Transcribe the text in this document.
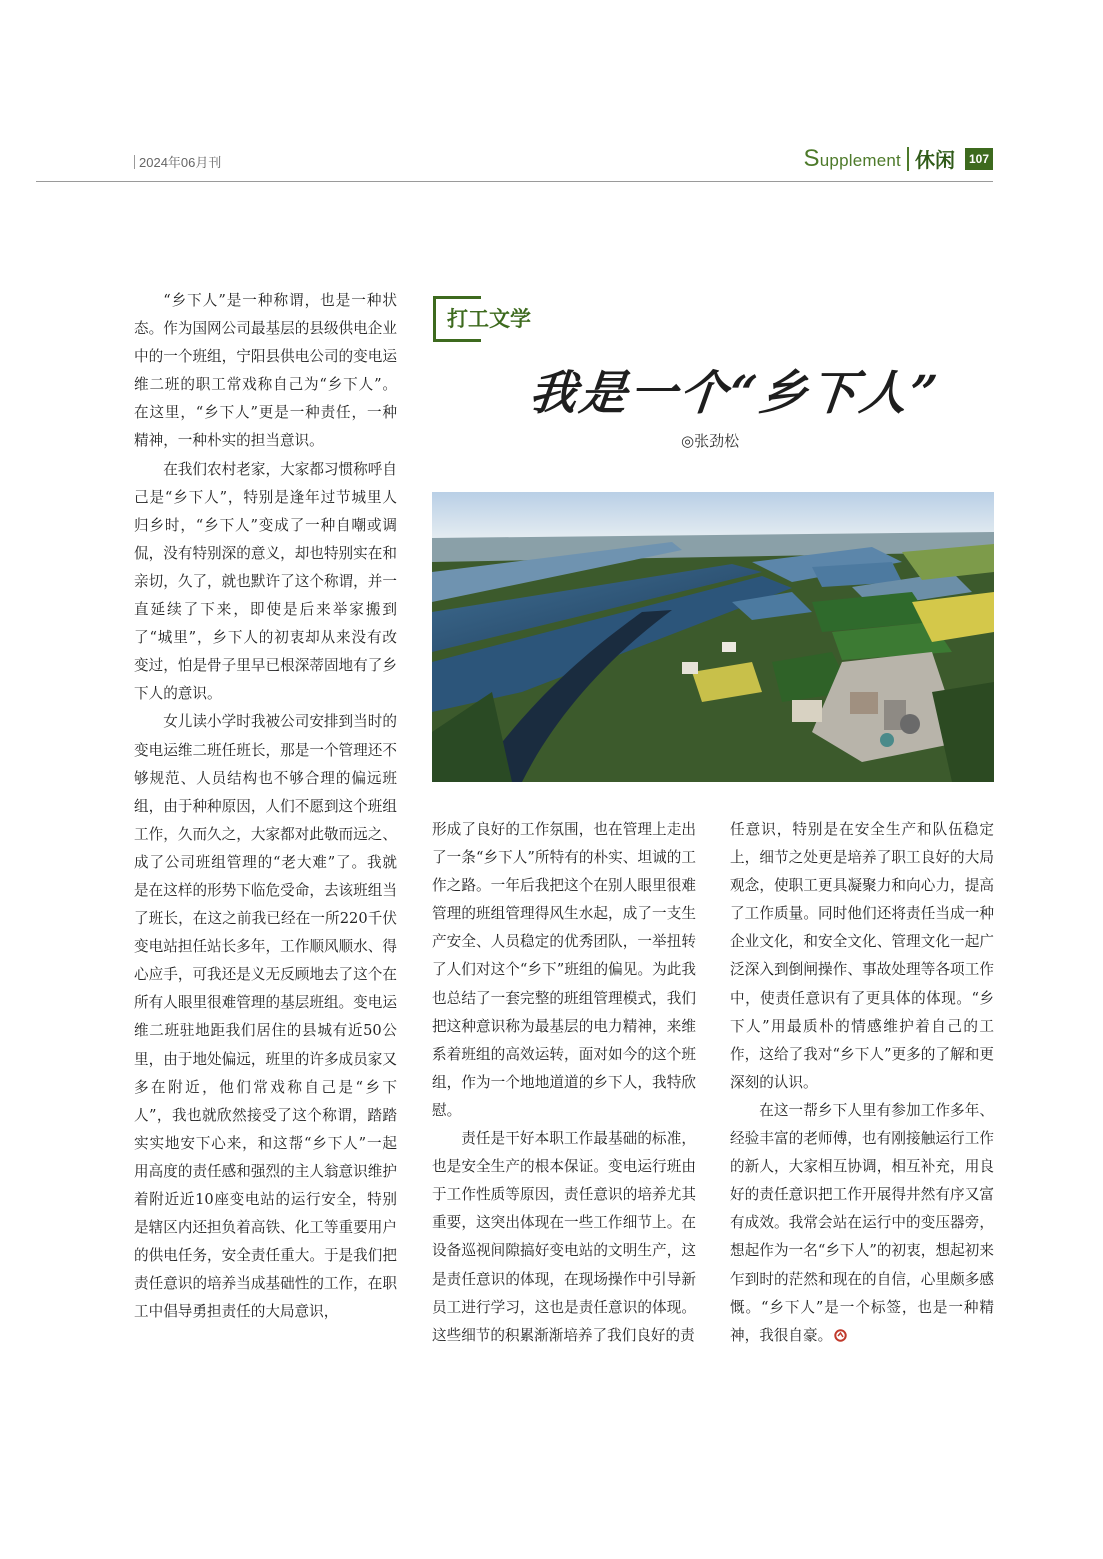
2024年06月刊	Supplement 休闲	107
打工文学
我是一个“乡下人”
◎张劲松

“乡下人”是一种称谓，也是一种状态。作为国网公司最基层的县级供电企业中的一个班组，宁阳县供电公司的变电运维二班的职工常戏称自己为“乡下人”。在这里，“乡下人”更是一种责任，一种精神，一种朴实的担当意识。

在我们农村老家，大家都习惯称呼自己是“乡下人”，特别是逢年过节城里人归乡时，“乡下人”变成了一种自嘲或调侃，没有特别深的意义，却也特别实在和亲切，久了，就也默许了这个称谓，并一直延续了下来，即使是后来举家搬到了“城里”，乡下人的初衷却从来没有改变过，怕是骨子里早已根深蒂固地有了乡下人的意识。

女儿读小学时我被公司安排到当时的变电运维二班任班长，那是一个管理还不够规范、人员结构也不够合理的偏远班组，由于种种原因，人们不愿到这个班组工作，久而久之，大家都对此敬而远之、成了公司班组管理的“老大难”了。我就是在这样的形势下临危受命，去该班组当了班长，在这之前我已经在一所220千伏变电站担任站长多年，工作顺风顺水、得心应手，可我还是义无反顾地去了这个在所有人眼里很难管理的基层班组。变电运维二班驻地距我们居住的县城有近50公里，由于地处偏远，班里的许多成员家又多在附近，他们常戏称自己是“乡下人”，我也就欣然接受了这个称谓，踏踏实实地安下心来，和这帮“乡下人”一起用高度的责任感和强烈的主人翁意识维护着附近近10座变电站的运行安全，特别是辖区内还担负着高铁、化工等重要用户的供电任务，安全责任重大。于是我们把责任意识的培养当成基础性的工作，在职工中倡导勇担责任的大局意识，

形成了良好的工作氛围，也在管理上走出了一条“乡下人”所特有的朴实、坦诚的工作之路。一年后我把这个在别人眼里很难管理的班组管理得风生水起，成了一支生产安全、人员稳定的优秀团队，一举扭转了人们对这个“乡下”班组的偏见。为此我也总结了一套完整的班组管理模式，我们把这种意识称为最基层的电力精神，来维系着班组的高效运转，面对如今的这个班组，作为一个地地道道的乡下人，我特欣慰。

责任是干好本职工作最基础的标准，也是安全生产的根本保证。变电运行班由于工作性质等原因，责任意识的培养尤其重要，这突出体现在一些工作细节上。在设备巡视间隙搞好变电站的文明生产，这是责任意识的体现，在现场操作中引导新员工进行学习，这也是责任意识的体现。这些细节的积累渐渐培养了我们良好的责

任意识，特别是在安全生产和队伍稳定上，细节之处更是培养了职工良好的大局观念，使职工更具凝聚力和向心力，提高了工作质量。同时他们还将责任当成一种企业文化，和安全文化、管理文化一起广泛深入到倒闸操作、事故处理等各项工作中，使责任意识有了更具体的体现。“乡下人”用最质朴的情感维护着自己的工作，这给了我对“乡下人”更多的了解和更深刻的认识。

在这一帮乡下人里有参加工作多年、经验丰富的老师傅，也有刚接触运行工作的新人，大家相互协调，相互补充，用良好的责任意识把工作开展得井然有序又富有成效。我常会站在运行中的变压器旁，想起作为一名“乡下人”的初衷，想起初来乍到时的茫然和现在的自信，心里颇多感慨。“乡下人”是一个标签，也是一种精神，我很自豪。
